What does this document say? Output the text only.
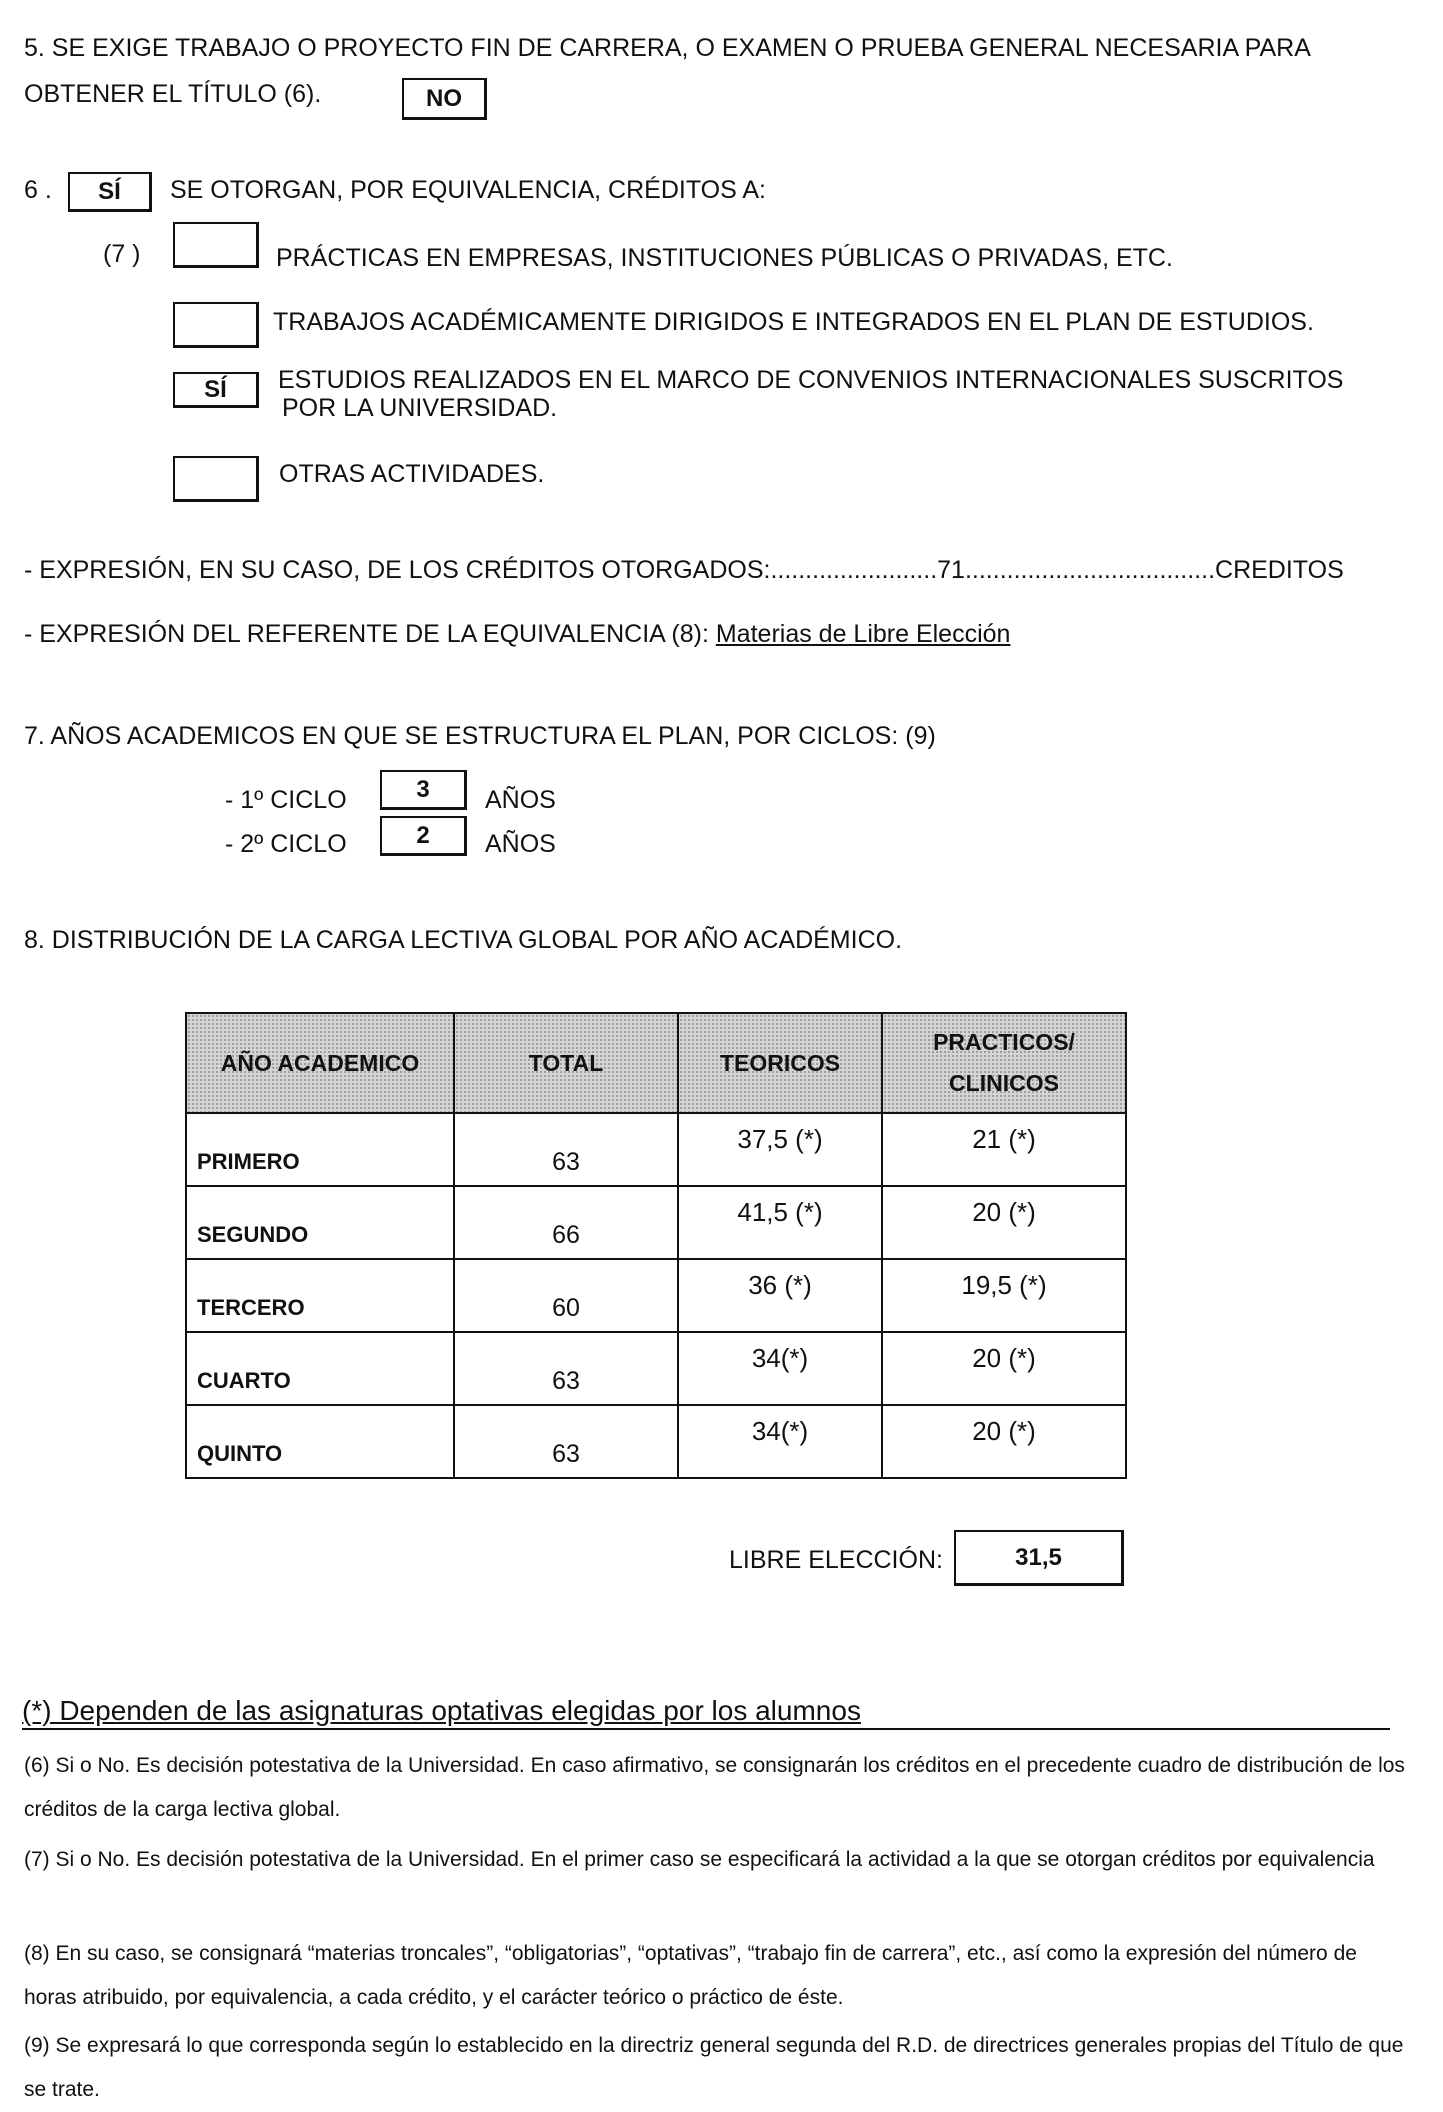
5. SE EXIGE TRABAJO O PROYECTO FIN DE CARRERA, O EXAMEN O PRUEBA GENERAL NECESARIA PARA
OBTENER EL TÍTULO (6).	NO
6 .	SÍ	SE OTORGAN, POR EQUIVALENCIA, CRÉDITOS A:
(7 )	PRÁCTICAS EN EMPRESAS, INSTITUCIONES PÚBLICAS O PRIVADAS, ETC.
TRABAJOS ACADÉMICAMENTE DIRIGIDOS E INTEGRADOS EN EL PLAN DE ESTUDIOS.
SÍ	ESTUDIOS REALIZADOS EN EL MARCO DE CONVENIOS INTERNACIONALES SUSCRITOS
POR LA UNIVERSIDAD.
OTRAS ACTIVIDADES.
- EXPRESIÓN, EN SU CASO, DE LOS CRÉDITOS OTORGADOS:........................71....................................CREDITOS
- EXPRESIÓN DEL REFERENTE DE LA EQUIVALENCIA (8): Materias de Libre Elección
7. AÑOS ACADEMICOS EN QUE SE ESTRUCTURA EL PLAN, POR CICLOS: (9)
- 1º CICLO	3	AÑOS
- 2º CICLO	2	AÑOS
8. DISTRIBUCIÓN DE LA CARGA LECTIVA GLOBAL POR AÑO ACADÉMICO.
AÑO ACADEMICO	TOTAL	TEORICOS	PRACTICOS/
CLINICOS

PRIMERO	63	37,5 (*)	21 (*)
SEGUNDO	66	41,5 (*)	20 (*)
TERCERO	60	36 (*)	19,5 (*)
CUARTO	63	34(*)	20 (*)
QUINTO	63	34(*)	20 (*)
LIBRE ELECCIÓN:	31,5
(*) Dependen de las asignaturas optativas elegidas por los alumnos
(6) Si o No. Es decisión potestativa de la Universidad. En caso afirmativo, se consignarán los créditos en el precedente cuadro de distribución de los créditos de la carga lectiva global.
(7) Si o No. Es decisión potestativa de la Universidad. En el primer caso se especificará la actividad a la que se otorgan créditos por equivalencia
(8) En su caso, se consignará “materias troncales”, “obligatorias”, “optativas”, “trabajo fin de carrera”, etc., así como la expresión del número de horas atribuido, por equivalencia, a cada crédito, y el carácter teórico o práctico de éste.
(9) Se expresará lo que corresponda según lo establecido en la directriz general segunda del R.D. de directrices generales propias del Título de que se trate.
